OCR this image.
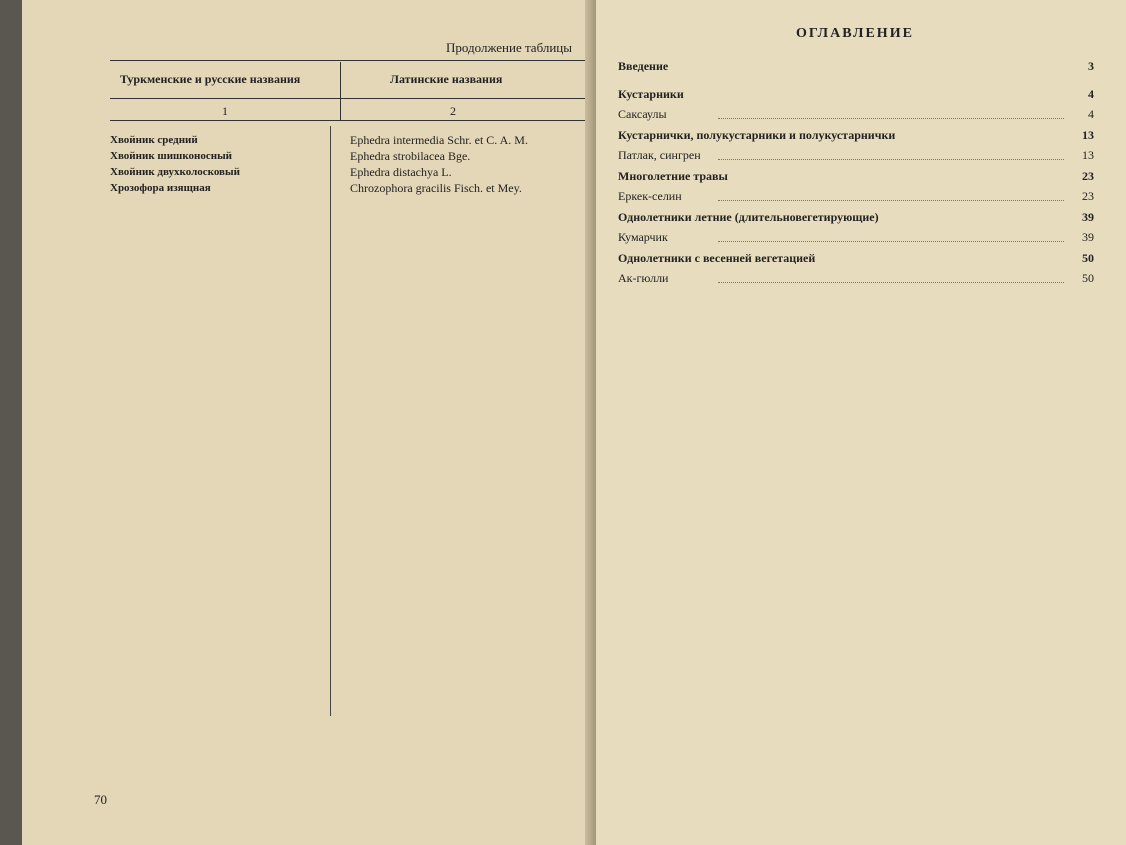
Продолжение таблицы
Туркменские и русские названия	Латинские названия
1	2
Хвойник средний	Ephedra intermedia Schr. et C. A. M.
Хвойник шишконосный	Ephedra strobilacea Bge.
Хвойник двухколосковый	Ephedra distachya L.
Хрозофора изящная	Chrozophora gracilis Fisch. et Mey.
70
ОГЛАВЛЕНИЕ
Введение	3
Кустарники	4
Саксаулы	4
Кустарнички, полукустарники и полукустарнички	13
Патлак, сингрен	13
Многолетние травы	23
Еркек-селин	23
Однолетники летние (длительновегетирующие)	39
Кумарчик	39
Однолетники с весенней вегетацией	50
Ак-гюлли	50
